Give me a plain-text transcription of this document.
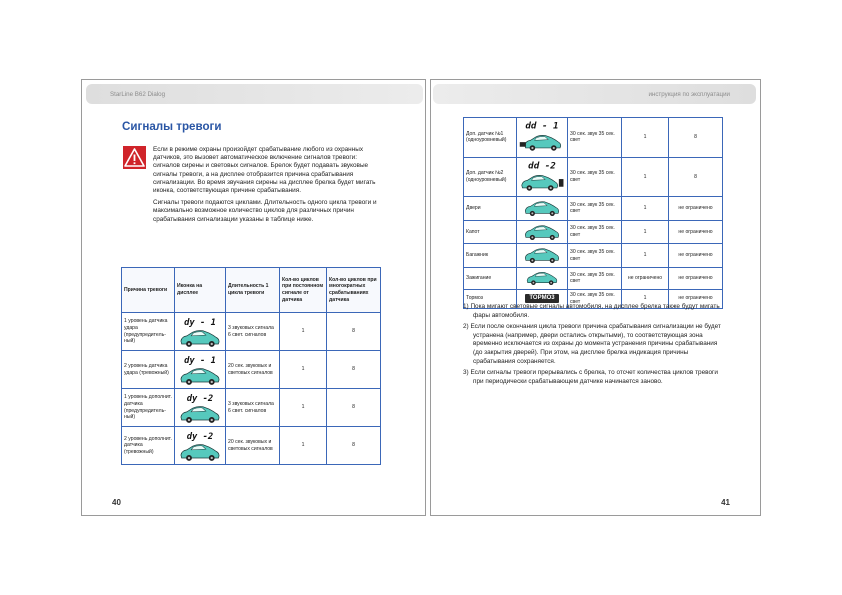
StarLine B62 Dialog
Сигналы тревоги

Если в режиме охраны произойдет срабатывание любого из охранных датчиков, это вызовет автоматическое включение сигналов тревоги: сигналов сирены и световых сигналов. Брелок будет подавать звуковые сигналы тревоги, а на дисплее отобразится причина срабатывания сигнализации. Во время звучания сирены на дисплее брелка будет мигать иконка, соответствующая причине срабатывания.

Сигналы тревоги подаются циклами. Длительность одного цикла тревоги и максимально возможное количество циклов для различных причин срабатывания сигнализации указаны в таблице ниже.

Причина тревоги	Иконка на дисплее	Длительность 1 цикла тревоги	Кол-во циклов при постоянном сигнале от датчика	Кол-во циклов при многократных срабатываниях датчика
1 уровень датчика удара (предупредитель-ный)	dy - 1	3 звуковых сигнала 6 свет. сигналов	1	8
2 уровень датчика удара (тревожный)	dy - 1	20 сек. звуковых и световых сигналов	1	8
1 уровень дополнит. датчика (предупредитель-ный)	dy -2	3 звуковых сигнала 6 свет. сигналов	1	8
2 уровень дополнит. датчика (тревожный)	dy -2	20 сек. звуковых и световых сигналов	1	8
40
инструкция по эксплуатации
Доп. датчик №1 (одноуровневый)	dd - 1	30 сек. звук 35 сек. свет	1	8
Доп. датчик №2 (одноуровневый)	dd -2	30 сек. звук 35 сек. свет	1	8
Двери		30 сек. звук 35 сек. свет	1	не ограничено
Капот		30 сек. звук 35 сек. свет	1	не ограничено
Багажник		30 сек. звук 35 сек. свет	1	не ограничено
Зажигание		30 сек. звук 35 сек. свет	не ограничено	не ограничено
Тормоз	TOPMO3	30 сек. звук 35 сек. свет	1	не ограничено

1) Пока мигают световые сигналы автомобиля, на дисплее брелка также будут мигать фары автомобиля.

2) Если после окончания цикла тревоги причина срабатывания сигнализации не будет устранена (например, двери остались открытыми), то соответствующая зона временно исключается из охраны до момента устранения причины срабатывания (до закрытия дверей). При этом, на дисплее брелка индикация причины срабатывания сохраняется.

3) Если сигналы тревоги прерывались с брелка, то отсчет количества циклов тревоги при периодически срабатывающем датчике начинается заново.

41
